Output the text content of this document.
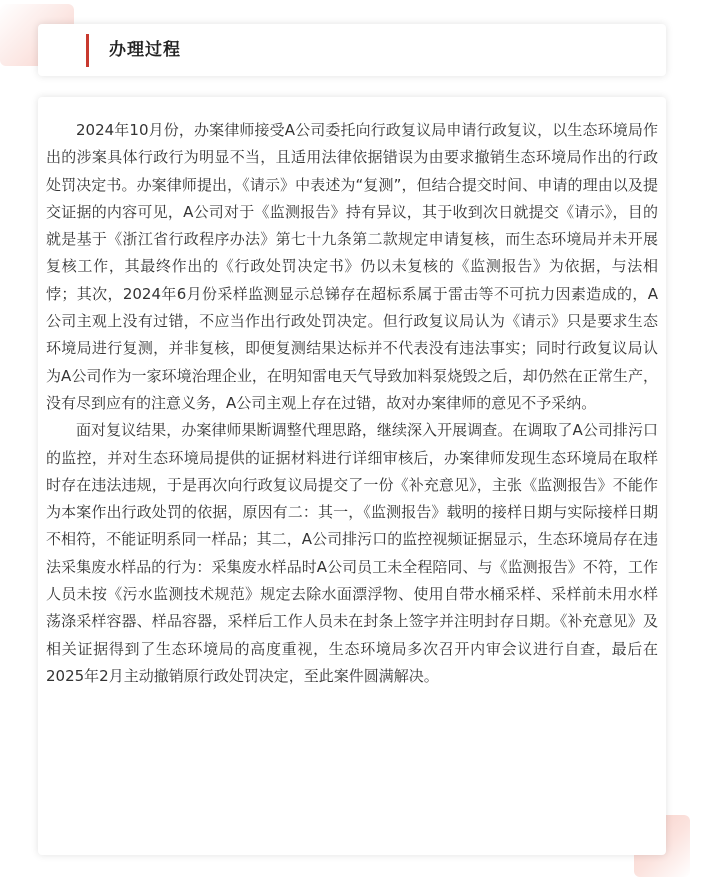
办理过程

2024年10月份，办案律师接受A公司委托向行政复议局申请行政复议，以生态环境局作出的涉案具体行政行为明显不当，且适用法律依据错误为由要求撤销生态环境局作出的行政处罚决定书。办案律师提出，《请示》中表述为“复测”，但结合提交时间、申请的理由以及提交证据的内容可见，A公司对于《监测报告》持有异议，其于收到次日就提交《请示》，目的就是基于《浙江省行政程序办法》第七十九条第二款规定申请复核，而生态环境局并未开展复核工作，其最终作出的《行政处罚决定书》仍以未复核的《监测报告》为依据，与法相悖；其次，2024年6月份采样监测显示总锑存在超标系属于雷击等不可抗力因素造成的，A公司主观上没有过错，不应当作出行政处罚决定。但行政复议局认为《请示》只是要求生态环境局进行复测，并非复核，即便复测结果达标并不代表没有违法事实；同时行政复议局认为A公司作为一家环境治理企业，在明知雷电天气导致加料泵烧毁之后，却仍然在正常生产，没有尽到应有的注意义务，A公司主观上存在过错，故对办案律师的意见不予采纳。

面对复议结果，办案律师果断调整代理思路，继续深入开展调查。在调取了A公司排污口的监控，并对生态环境局提供的证据材料进行详细审核后，办案律师发现生态环境局在取样时存在违法违规，于是再次向行政复议局提交了一份《补充意见》，主张《监测报告》不能作为本案作出行政处罚的依据，原因有二：其一，《监测报告》载明的接样日期与实际接样日期不相符，不能证明系同一样品；其二，A公司排污口的监控视频证据显示，生态环境局存在违法采集废水样品的行为：采集废水样品时A公司员工未全程陪同、与《监测报告》不符，工作人员未按《污水监测技术规范》规定去除水面漂浮物、使用自带水桶采样、采样前未用水样荡涤采样容器、样品容器，采样后工作人员未在封条上签字并注明封存日期。《补充意见》及相关证据得到了生态环境局的高度重视，生态环境局多次召开内审会议进行自查，最后在2025年2月主动撤销原行政处罚决定，至此案件圆满解决。
